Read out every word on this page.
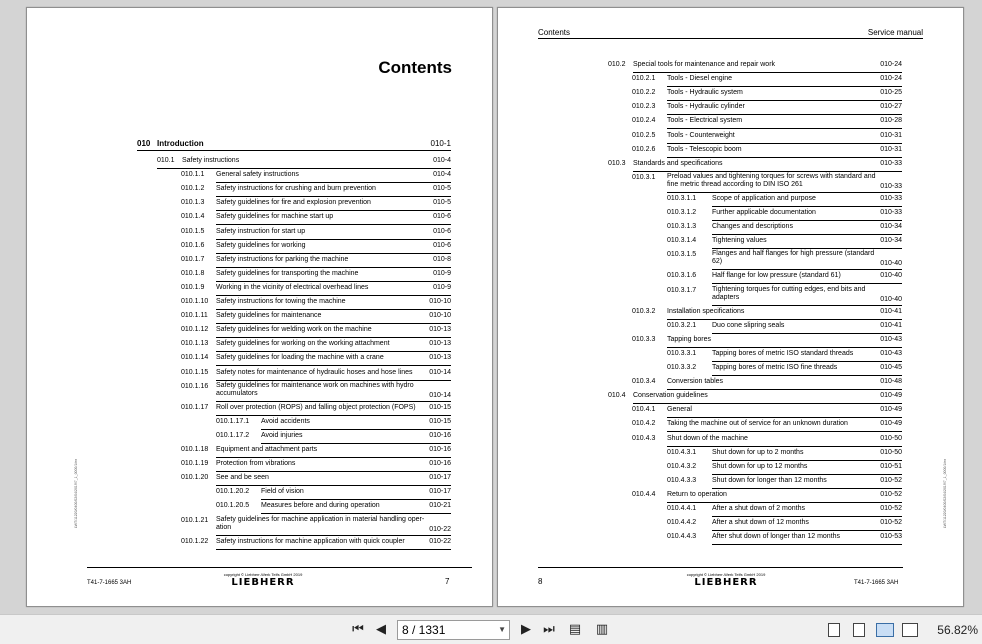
Contents
010 Introduction	010-1
010.1 Safety instructions	010-4
010.1.1 General safety instructions	010-4
010.1.2 Safety instructions for crushing and burn prevention	010-5
010.1.3 Safety guidelines for fire and explosion prevention	010-5
010.1.4 Safety guidelines for machine start up	010-6
010.1.5 Safety instruction for start up	010-6
010.1.6 Safety guidelines for working	010-6
010.1.7 Safety instructions for parking the machine	010-8
010.1.8 Safety guidelines for transporting the machine	010-9
010.1.9 Working in the vicinity of electrical overhead lines	010-9
010.1.10 Safety instructions for towing the machine	010-10
010.1.11 Safety guidelines for maintenance	010-10
010.1.12 Safety guidelines for welding work on the machine	010-13
010.1.13 Safety guidelines for working on the working attachment	010-13
010.1.14 Safety guidelines for loading the machine with a crane	010-13
010.1.15 Safety notes for maintenance of hydraulic hoses and hose lines	010-14
010.1.16 Safety guidelines for maintenance work on machines with hydro accumulators	010-14
010.1.17 Roll over protection (ROPS) and falling object protection (FOPS)	010-15
010.1.17.1 Avoid accidents	010-15
010.1.17.2 Avoid injuries	010-16
010.1.18 Equipment and attachment parts	010-16
010.1.19 Protection from vibrations	010-16
010.1.20 See and be seen	010-17
010.1.20.2 Field of vision	010-17
010.1.20.5 Measures before and during operation	010-21
010.1.21 Safety guidelines for machine application in material handling oper- ation	010-22
010.1.22 Safety instructions for machine application with quick coupler	010-22
LWT/11220/0400/02/04/2019/7_1_0000/1/en
T41-7-1665 3AH
copyright © Liebherr-Werk Telfs GmbH 2019
LIEBHERR	7
Contents	Service manual
010.2 Special tools for maintenance and repair work	010-24
010.2.1 Tools - Diesel engine	010-24
010.2.2 Tools - Hydraulic system	010-25
010.2.3 Tools - Hydraulic cylinder	010-27
010.2.4 Tools - Electrical system	010-28
010.2.5 Tools - Counterweight	010-31
010.2.6 Tools - Telescopic boom	010-31
010.3 Standards and specifications	010-33
010.3.1 Preload values and tightening torques for screws with standard and fine metric thread according to DIN ISO 261	010-33
010.3.1.1 Scope of application and purpose	010-33
010.3.1.2 Further applicable documentation	010-33
010.3.1.3 Changes and descriptions	010-34
010.3.1.4 Tightening values	010-34
010.3.1.5 Flanges and half flanges for high pressure (standard 62)	010-40
010.3.1.6 Half flange for low pressure (standard 61)	010-40
010.3.1.7 Tightening torques for cutting edges, end bits and adapters	010-40
010.3.2 Installation specifications	010-41
010.3.2.1 Duo cone slipring seals	010-41
010.3.3 Tapping bores	010-43
010.3.3.1 Tapping bores of metric ISO standard threads	010-43
010.3.3.2 Tapping bores of metric ISO fine threads	010-45
010.3.4 Conversion tables	010-48
010.4 Conservation guidelines	010-49
010.4.1 General	010-49
010.4.2 Taking the machine out of service for an unknown duration	010-49
010.4.3 Shut down of the machine	010-50
010.4.3.1 Shut down for up to 2 months	010-50
010.4.3.2 Shut down for up to 12 months	010-51
010.4.3.3 Shut down for longer than 12 months	010-52
010.4.4 Return to operation	010-52
010.4.4.1 After a shut down of 2 months	010-52
010.4.4.2 After a shut down of 12 months	010-52
010.4.4.3 After shut down of longer than 12 months	010-53
LWT/11220/0400/02/04/2019/7_1_0000/1/en
8
copyright © Liebherr-Werk Telfs GmbH 2019
LIEBHERR	T41-7-1665 3AH
⏮ ◀	8 / 1331	▼ ▶ ⏭ ▤ ▥	56.82%
